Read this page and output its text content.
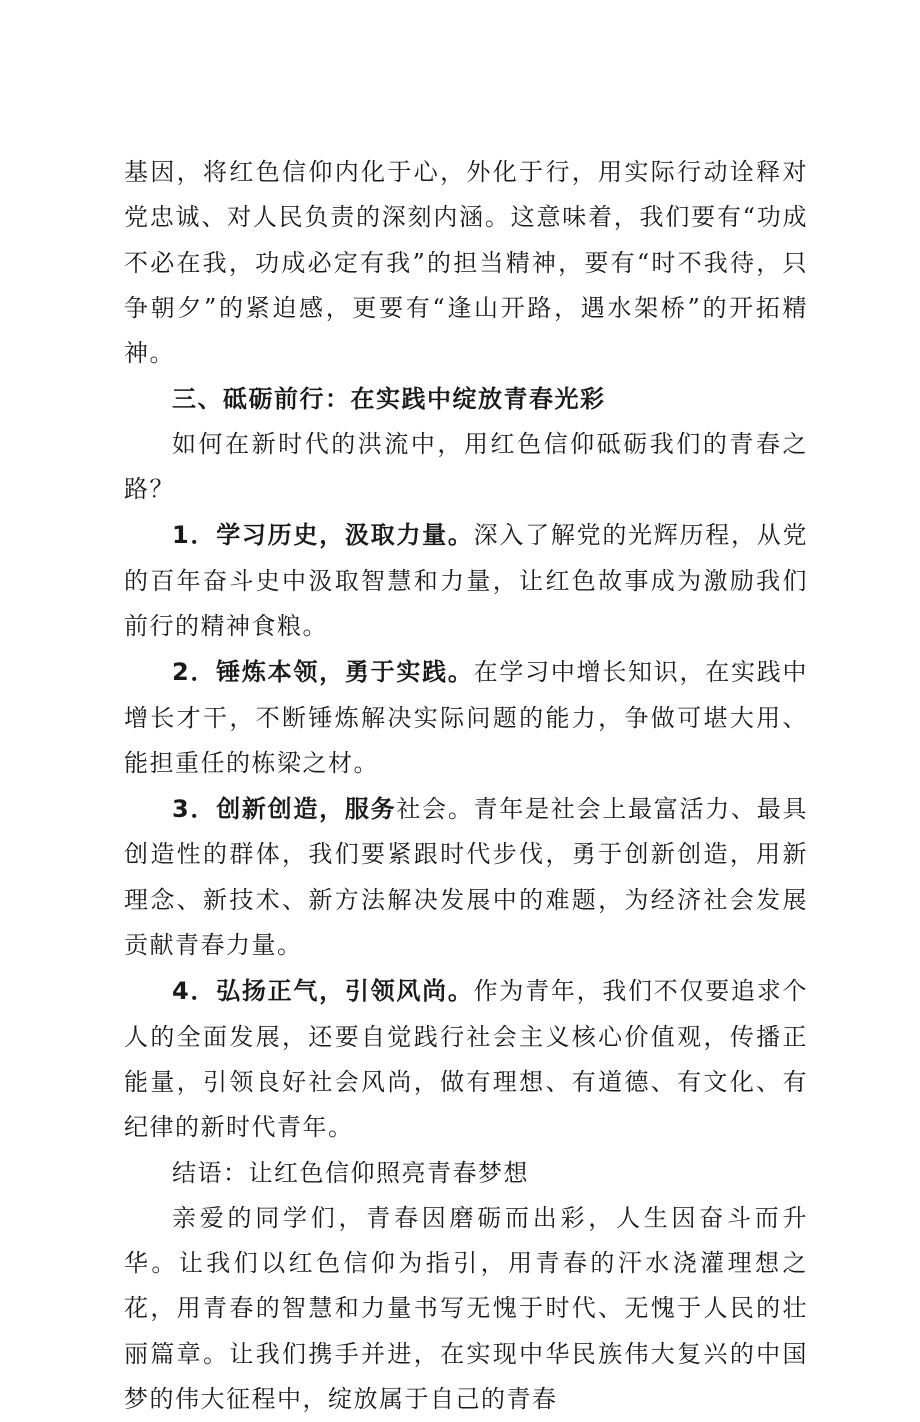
基因，将红色信仰内化于心，外化于行，用实际行动诠释对党忠诚、对人民负责的深刻内涵。这意味着，我们要有“功成不必在我，功成必定有我”的担当精神，要有“时不我待，只争朝夕”的紧迫感，更要有“逢山开路，遇水架桥”的开拓精神。

三、砥砺前行：在实践中绽放青春光彩

如何在新时代的洪流中，用红色信仰砥砺我们的青春之路？

1．学习历史，汲取力量。深入了解党的光辉历程，从党的百年奋斗史中汲取智慧和力量，让红色故事成为激励我们前行的精神食粮。

2．锤炼本领，勇于实践。在学习中增长知识，在实践中增长才干，不断锤炼解决实际问题的能力，争做可堪大用、能担重任的栋梁之材。

3．创新创造，服务社会。青年是社会上最富活力、最具创造性的群体，我们要紧跟时代步伐，勇于创新创造，用新理念、新技术、新方法解决发展中的难题，为经济社会发展贡献青春力量。

4．弘扬正气，引领风尚。作为青年，我们不仅要追求个人的全面发展，还要自觉践行社会主义核心价值观，传播正能量，引领良好社会风尚，做有理想、有道德、有文化、有纪律的新时代青年。

结语：让红色信仰照亮青春梦想

亲爱的同学们，青春因磨砺而出彩，人生因奋斗而升华。让我们以红色信仰为指引，用青春的汗水浇灌理想之花，用青春的智慧和力量书写无愧于时代、无愧于人民的壮丽篇章。让我们携手并进，在实现中华民族伟大复兴的中国梦的伟大征程中，绽放属于自己的青春
